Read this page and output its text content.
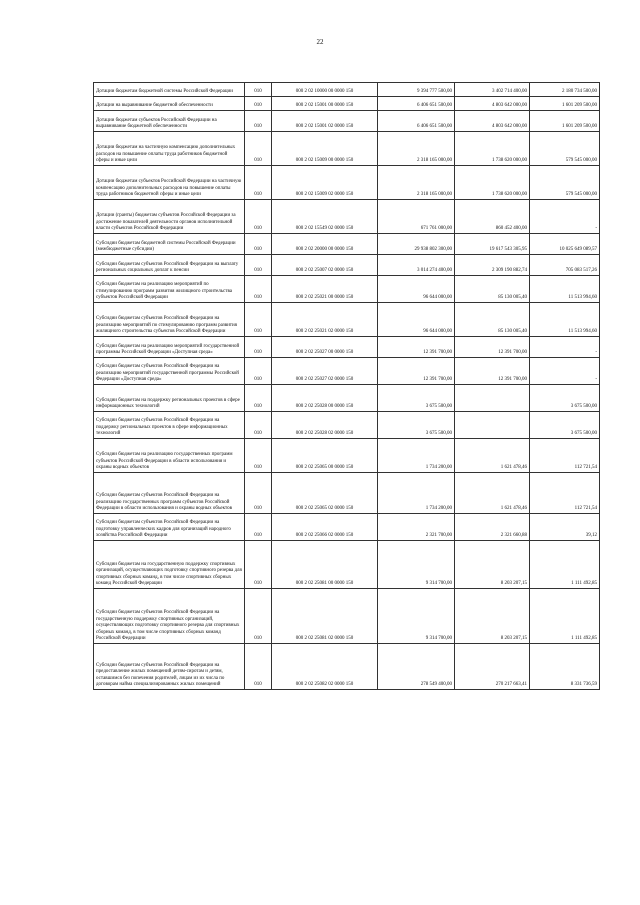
22
Дотации бюджетам бюджетной системы Российской Федерации	010	000 2 02 10000 00 0000 150	9 394 777 500,00	3 402 714 400,00	2 180 734 500,00
Дотации на выравнивание бюджетной обеспеченности	010	000 2 02 15001 00 0000 150	6 406 651 500,00	4 803 642 000,00	1 601 209 500,00
Дотации бюджетам субъектов Российской Федерации на выравнивание бюджетной обеспеченности	010	000 2 02 15001 02 0000 150	6 406 651 500,00	4 803 642 000,00	1 601 209 500,00
Дотации бюджетам на частичную компенсацию дополнительных расходов на повышение оплаты труда работников бюджетной сферы и иные цели	010	000 2 02 15009 00 0000 150	2 318 165 000,00	1 738 620 000,00	579 545 000,00
Дотации бюджетам субъектов Российской Федерации на частичную компенсацию дополнительных расходов на повышение оплаты труда работников бюджетной сферы и иные цели	010	000 2 02 15009 02 0000 150	2 318 165 000,00	1 738 620 000,00	579 545 000,00
Дотации (гранты) бюджетам субъектов Российской Федерации за достижение показателей деятельности органов исполнительной власти субъектов Российской Федерации	010	000 2 02 15549 02 0000 150	671 761 000,00	860 452 400,00	-
Субсидии бюджетам бюджетной системы Российской Федерации (межбюджетные субсидии)	010	000 2 02 20000 00 0000 150	29 938 802 300,00	19 617 543 305,95	10 025 649 089,57
Субсидии бюджетам субъектов Российской Федерации на выплату региональных социальных доплат к пенсии	010	000 2 02 25007 02 0000 150	3 014 274 400,00	2 309 190 882,74	705 083 517,26
Субсидии бюджетам на реализацию мероприятий по стимулированию программ развития жилищного строительства субъектов Российской Федерации	010	000 2 02 25021 00 0000 150	96 644 000,00	85 130 005,40	11 513 994,60
Субсидии бюджетам субъектов Российской Федерации на реализацию мероприятий по стимулированию программ развития жилищного строительства субъектов Российской Федерации	010	000 2 02 25021 02 0000 150	96 644 000,00	85 130 005,40	11 513 994,60
Субсидии бюджетам на реализацию мероприятий государственной программы Российской Федерации «Доступная среда»	010	000 2 02 25027 00 0000 150	12 391 700,00	12 391 700,00	-
Субсидии бюджетам субъектов Российской Федерации на реализацию мероприятий государственной программы Российской Федерации «Доступная среда»	010	000 2 02 25027 02 0000 150	12 391 700,00	12 391 700,00	-
Субсидии бюджетам на поддержку региональных проектов в сфере информационных технологий	010	000 2 02 25028 00 0000 150	3 675 500,00		3 675 500,00
Субсидии бюджетам субъектов Российской Федерации на поддержку региональных проектов в сфере информационных технологий	010	000 2 02 25028 02 0000 150	3 675 500,00		3 675 500,00
Субсидии бюджетам на реализацию государственных программ субъектов Российской Федерации в области использования и охраны водных объектов	010	000 2 02 25065 00 0000 150	1 734 200,00	1 621 478,46	112 721,54
Субсидии бюджетам субъектов Российской Федерации на реализацию государственных программ субъектов Российской Федерации в области использования и охраны водных объектов	010	000 2 02 25065 02 0000 150	1 734 200,00	1 621 478,46	112 721,54
Субсидии бюджетам субъектов Российской Федерации на подготовку управленческих кадров для организаций народного хозяйства Российской Федерации	010	000 2 02 25066 02 0000 150	2 321 700,00	2 321 660,88	39,12
Субсидии бюджетам на государственную поддержку спортивных организаций, осуществляющих подготовку спортивного резерва для спортивных сборных команд, в том числе спортивных сборных команд Российской Федерации	010	000 2 02 25081 00 0000 150	9 314 700,00	8 203 207,15	1 111 492,85
Субсидии бюджетам субъектов Российской Федерации на государственную поддержку спортивных организаций, осуществляющих подготовку спортивного резерва для спортивных сборных команд, в том числе спортивных сборных команд Российской Федерации	010	000 2 02 25081 02 0000 150	9 314 700,00	8 203 207,15	1 111 492,85
Субсидии бюджетам субъектов Российской Федерации на предоставление жилых помещений детям-сиротам и детям, оставшимся без попечения родителей, лицам из их числа по договорам найма специализированных жилых помещений	010	000 2 02 25082 02 0000 150	278 549 400,00	270 217 663,41	8 331 736,59
